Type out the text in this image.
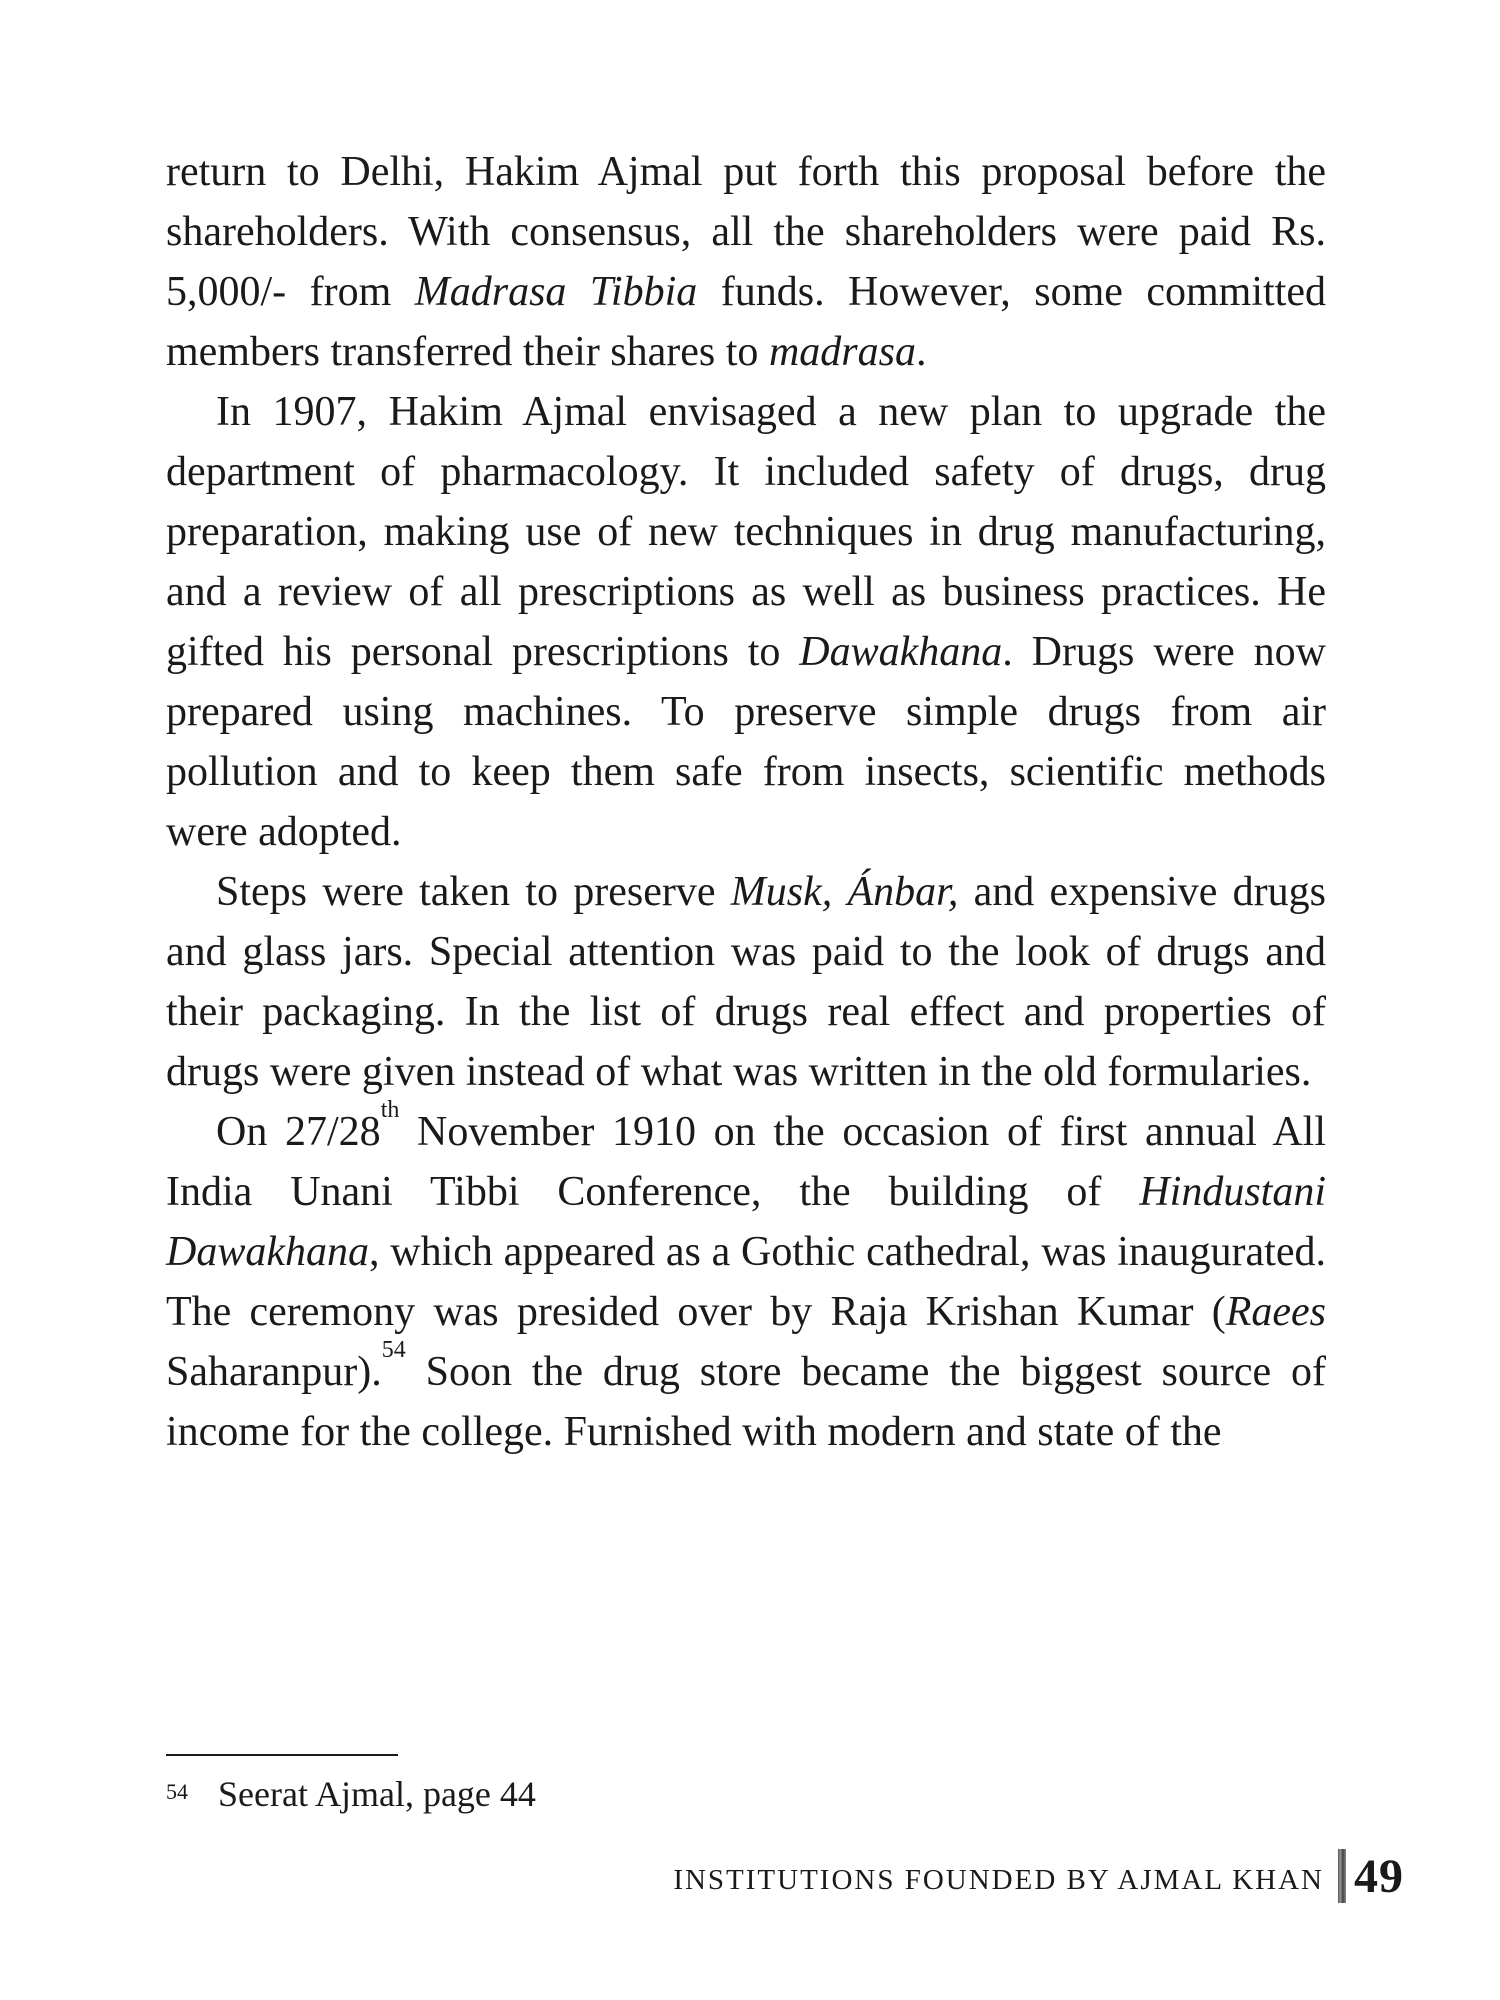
return to Delhi, Hakim Ajmal put forth this proposal before the shareholders. With consensus, all the shareholders were paid Rs. 5,000/- from Madrasa Tibbia funds. However, some committed members transferred their shares to madrasa.

In 1907, Hakim Ajmal envisaged a new plan to upgrade the department of pharmacology. It included safety of drugs, drug preparation, making use of new techniques in drug manufacturing, and a review of all prescriptions as well as business practices. He gifted his personal prescriptions to Dawakhana. Drugs were now prepared using machines. To preserve simple drugs from air pollution and to keep them safe from insects, scientific methods were adopted.

Steps were taken to preserve Musk, Ánbar, and expensive drugs and glass jars. Special attention was paid to the look of drugs and their packaging. In the list of drugs real effect and properties of drugs were given instead of what was written in the old formularies.

On 27/28th November 1910 on the occasion of first annual All India Unani Tibbi Conference, the building of Hindustani Dawakhana, which appeared as a Gothic cathedral, was inaugurated. The ceremony was presided over by Raja Krishan Kumar (Raees Saharanpur).$^{54}$ Soon the drug store became the biggest source of income for the college. Furnished with modern and state of the

$^{54}$ Seerat Ajmal, page 44
INSTITUTIONS FOUNDED BY AJMAL KHAN 49
